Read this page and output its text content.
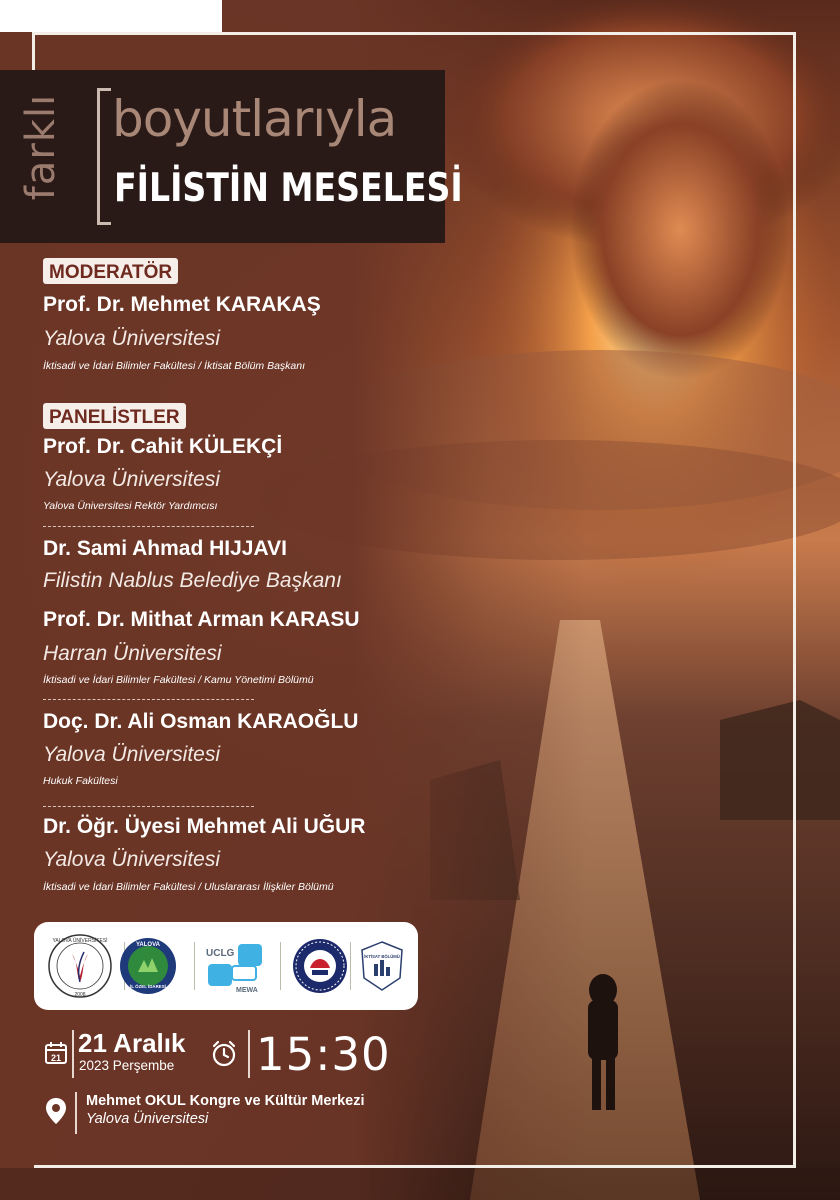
farklı boyutlarıyla
FİLİSTİN MESELESİ
MODERATÖR
Prof. Dr. Mehmet KARAKAŞ
Yalova Üniversitesi
İktisadi ve İdari Bilimler Fakültesi / İktisat Bölüm Başkanı
PANELİSTLER
Prof. Dr. Cahit KÜLEKÇİ
Yalova Üniversitesi
Yalova Üniversitesi Rektör Yardımcısı
Dr. Sami Ahmad HIJJAVI
Filistin Nablus Belediye Başkanı
Prof. Dr. Mithat Arman KARASU
Harran Üniversitesi
İktisadi ve İdari Bilimler Fakültesi / Kamu Yönetimi Bölümü
Doç. Dr. Ali Osman KARAOĞLU
Yalova Üniversitesi
Hukuk Fakültesi
Dr. Öğr. Üyesi Mehmet Ali UĞUR
Yalova Üniversitesi
İktisadi ve İdari Bilimler Fakültesi / Uluslararası İlişkiler Bölümü
YALOVA ÜNİVERSİTESİ
2008
YALOVA
İL ÖZEL İDARESİ
UCLG
MEWA
İKTİSAT BÖLÜMÜ
21 21 Aralık
2023 Perşembe 15:30
Mehmet OKUL Kongre ve Kültür Merkezi
Yalova Üniversitesi
